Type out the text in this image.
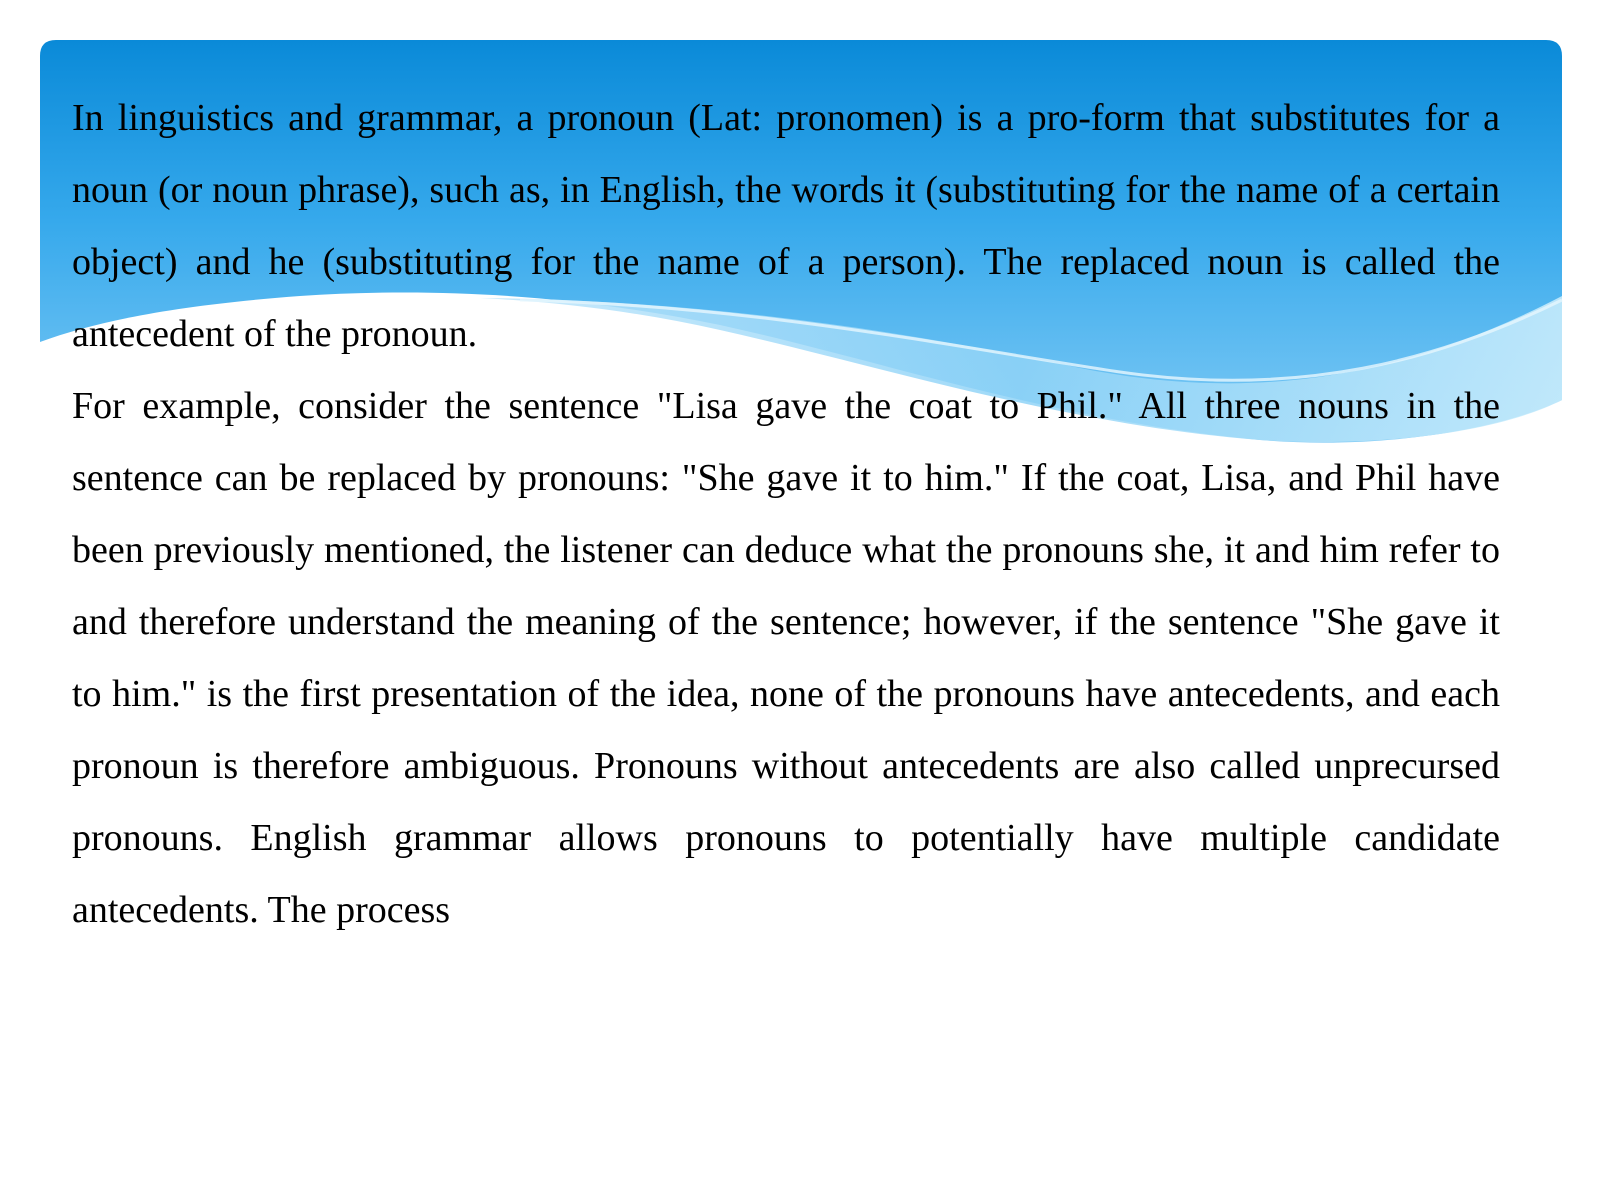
In linguistics and grammar, a pronoun (Lat: pronomen) is a pro-form that substitutes for a noun (or noun phrase), such as, in English, the words it (substituting for the name of a certain object) and he (substituting for the name of a person). The replaced noun is called the antecedent of the pronoun.

For example, consider the sentence "Lisa gave the coat to Phil." All three nouns in the sentence can be replaced by pronouns: "She gave it to him." If the coat, Lisa, and Phil have been previously mentioned, the listener can deduce what the pronouns she, it and him refer to and therefore understand the meaning of the sentence; however, if the sentence "She gave it to him." is the first presentation of the idea, none of the pronouns have antecedents, and each pronoun is therefore ambiguous. Pronouns without antecedents are also called unprecursed pronouns. English grammar allows pronouns to potentially have multiple candidate antecedents. The process
